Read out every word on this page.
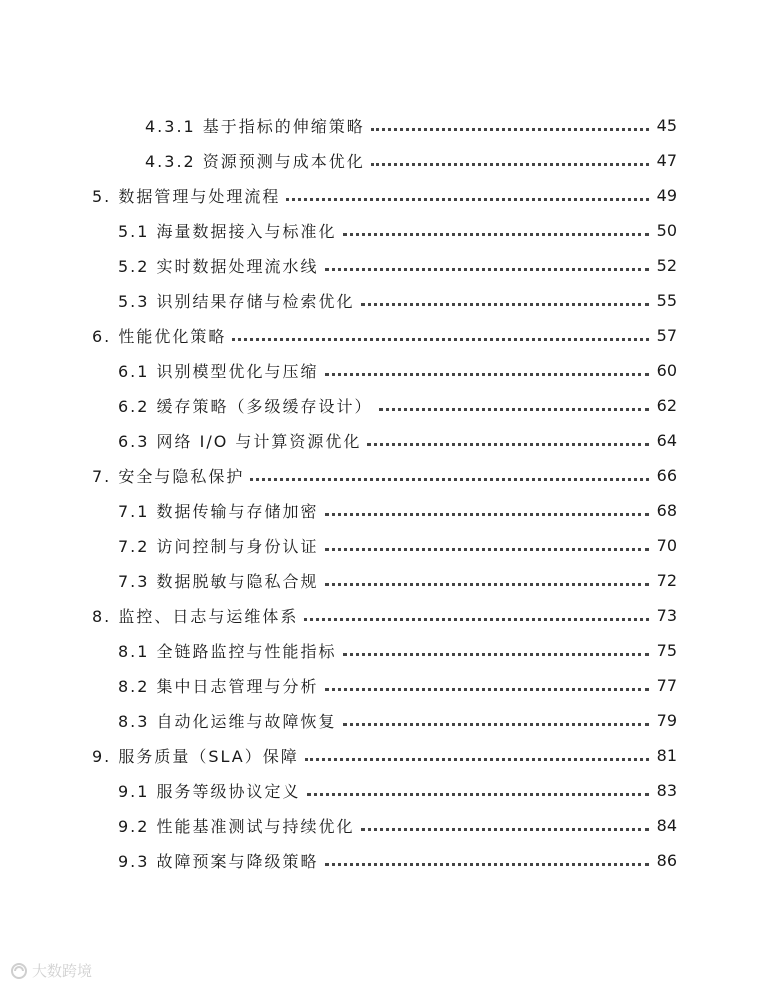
4.3.1 基于指标的伸缩策略	45
4.3.2 资源预测与成本优化	47
5. 数据管理与处理流程	49
5.1 海量数据接入与标准化	50
5.2 实时数据处理流水线	52
5.3 识别结果存储与检索优化	55
6. 性能优化策略	57
6.1 识别模型优化与压缩	60
6.2 缓存策略（多级缓存设计）	62
6.3 网络 I/O 与计算资源优化	64
7. 安全与隐私保护	66
7.1 数据传输与存储加密	68
7.2 访问控制与身份认证	70
7.3 数据脱敏与隐私合规	72
8. 监控、日志与运维体系	73
8.1 全链路监控与性能指标	75
8.2 集中日志管理与分析	77
8.3 自动化运维与故障恢复	79
9. 服务质量（SLA）保障	81
9.1 服务等级协议定义	83
9.2 性能基准测试与持续优化	84
9.3 故障预案与降级策略	86
大数跨境
